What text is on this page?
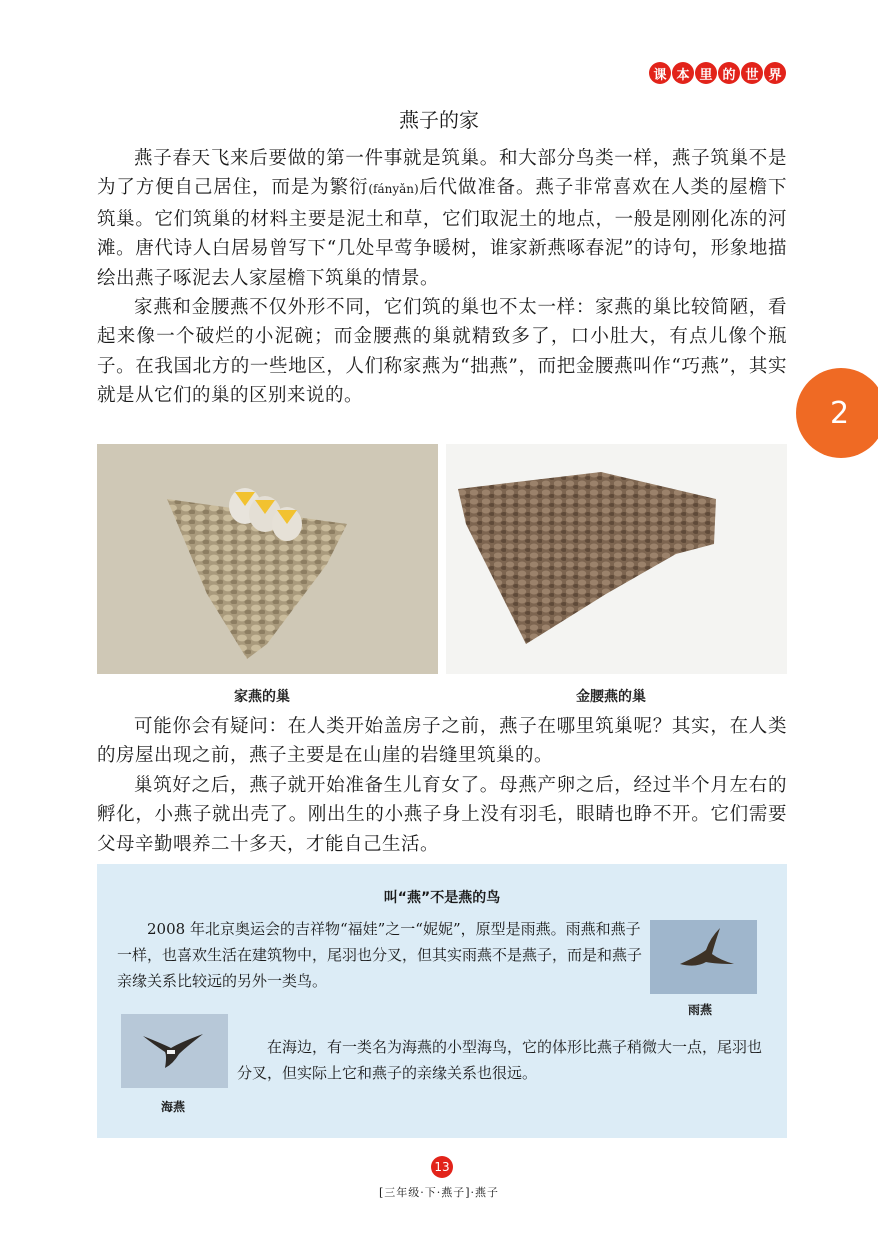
课 本 里 的 世 界
2
燕子的家

燕子春天飞来后要做的第一件事就是筑巢。和大部分鸟类一样，燕子筑巢不是为了方便自己居住，而是为繁衍(fányǎn)后代做准备。燕子非常喜欢在人类的屋檐下筑巢。它们筑巢的材料主要是泥土和草，它们取泥土的地点，一般是刚刚化冻的河滩。唐代诗人白居易曾写下“几处早莺争暖树，谁家新燕啄春泥”的诗句，形象地描绘出燕子啄泥去人家屋檐下筑巢的情景。

家燕和金腰燕不仅外形不同，它们筑的巢也不太一样：家燕的巢比较简陋，看起来像一个破烂的小泥碗；而金腰燕的巢就精致多了，口小肚大，有点儿像个瓶子。在我国北方的一些地区，人们称家燕为“拙燕”，而把金腰燕叫作“巧燕”，其实就是从它们的巢的区别来说的。

家燕的巢	金腰燕的巢

可能你会有疑问：在人类开始盖房子之前，燕子在哪里筑巢呢？其实，在人类的房屋出现之前，燕子主要是在山崖的岩缝里筑巢的。

巢筑好之后，燕子就开始准备生儿育女了。母燕产卵之后，经过半个月左右的孵化，小燕子就出壳了。刚出生的小燕子身上没有羽毛，眼睛也睁不开。它们需要父母辛勤喂养二十多天，才能自己生活。

叫“燕”不是燕的鸟
2008 年北京奥运会的吉祥物“福娃”之一“妮妮”，原型是雨燕。雨燕和燕子一样，也喜欢生活在建筑物中，尾羽也分叉，但其实雨燕不是燕子，而是和燕子亲缘关系比较远的另外一类鸟。
雨燕
海燕
在海边，有一类名为海燕的小型海鸟，它的体形比燕子稍微大一点，尾羽也分叉，但实际上它和燕子的亲缘关系也很远。
13
[三年级·下·燕子]·燕子
